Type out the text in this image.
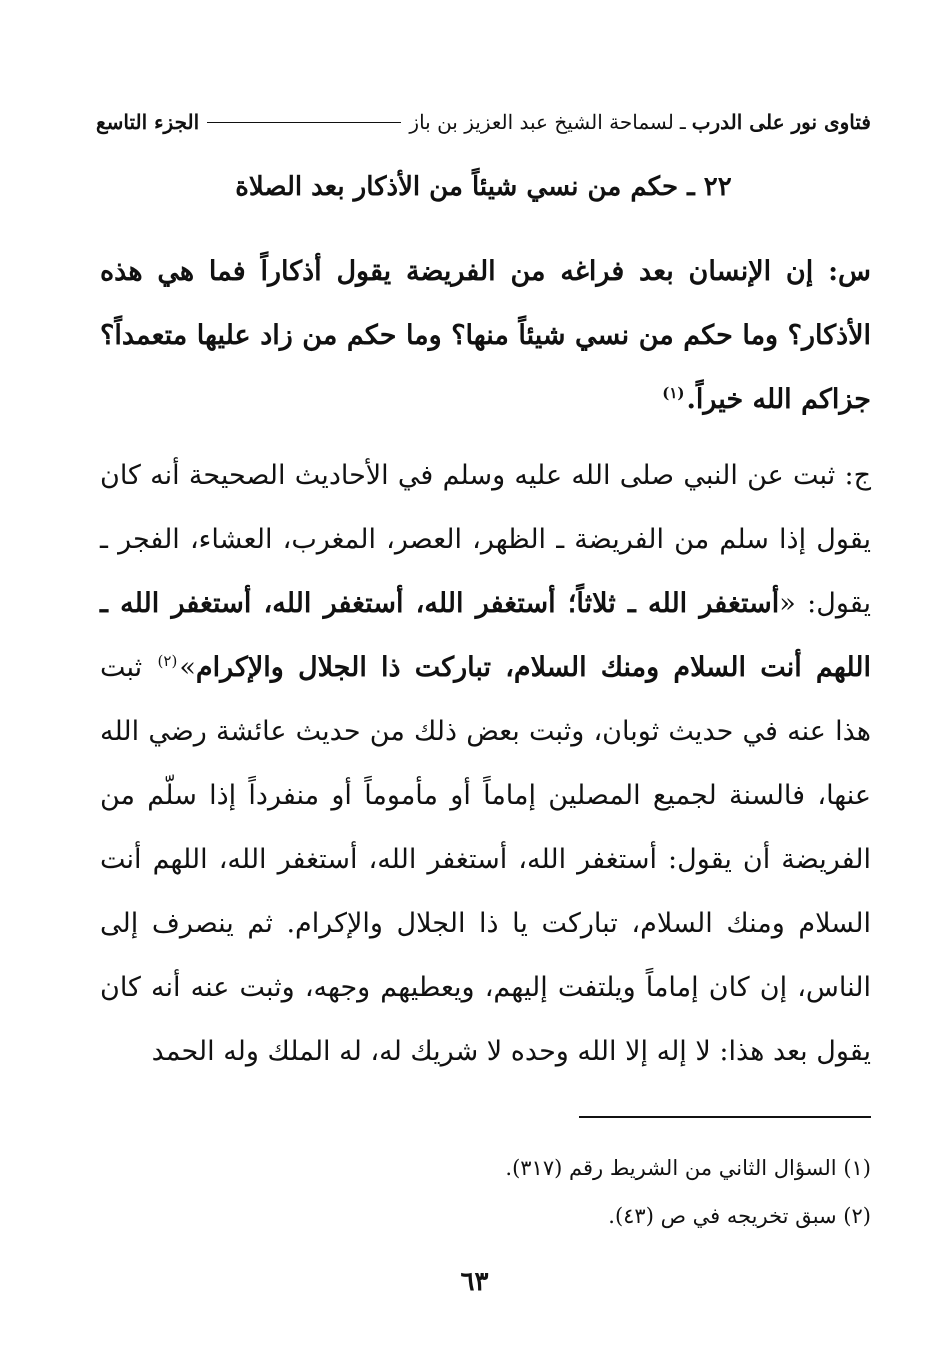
فتاوى نور على الدرب
ـ
لسماحة الشيخ عبد العزيز بن باز
الجزء التاسع
٢٢ ـ حكم من نسي شيئاً من الأذكار بعد الصلاة

س: إن الإنسان بعد فراغه من الفريضة يقول أذكاراً فما هي هذه الأذكار؟ وما حكم من نسي شيئاً منها؟ وما حكم من زاد عليها متعمداً؟ جزاكم الله خيراً.$^{(١)}$

ج: ثبت عن النبي صلى الله عليه وسلم في الأحاديث الصحيحة أنه كان يقول إذا سلم من الفريضة ـ الظهر، العصر، المغرب، العشاء، الفجر ـ يقول: «أستغفر الله ـ ثلاثاً؛ أستغفر الله، أستغفر الله، أستغفر الله ـ اللهم أنت السلام ومنك السلام، تباركت ذا الجلال والإكرام»$^{(٢)}$ ثبت هذا عنه في حديث ثوبان، وثبت بعض ذلك من حديث عائشة رضي الله عنها، فالسنة لجميع المصلين إماماً أو مأموماً أو منفرداً إذا سلّم من الفريضة أن يقول: أستغفر الله، أستغفر الله، أستغفر الله، اللهم أنت السلام ومنك السلام، تباركت يا ذا الجلال والإكرام. ثم ينصرف إلى الناس، إن كان إماماً ويلتفت إليهم، ويعطيهم وجهه، وثبت عنه أنه كان يقول بعد هذا: لا إله إلا الله وحده لا شريك له، له الملك وله الحمد

(١) السؤال الثاني من الشريط رقم (٣١٧).

(٢) سبق تخريجه في ص (٤٣).

٦٣
